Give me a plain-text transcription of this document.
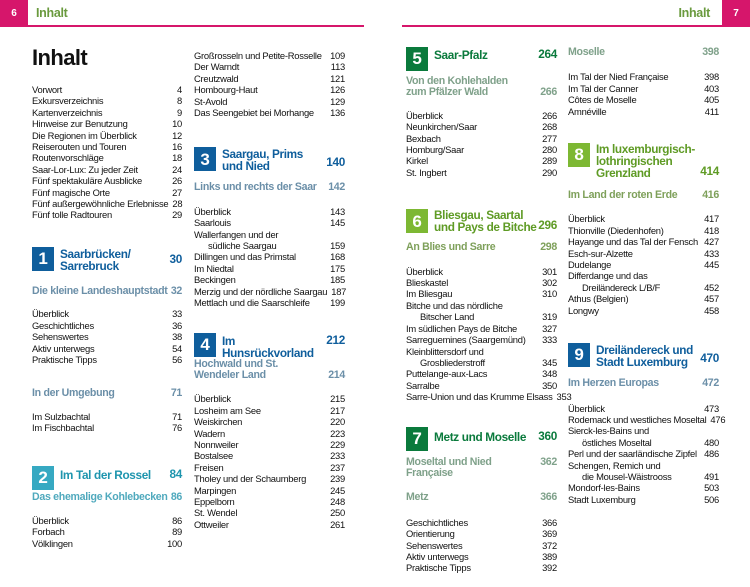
6	Inhalt	Inhalt	7
Inhalt
Vorwort	4
Exkursverzeichnis	8
Kartenverzeichnis	9
Hinweise zur Benutzung	10
Die Regionen im Überblick	12
Reiserouten und Touren	16
Routenvorschläge	18
Saar-Lor-Lux: Zu jeder Zeit	24
Fünf spektakuläre Ausblicke	26
Fünf magische Orte	27
Fünf außergewöhnliche Erlebnisse 28
Fünf tolle Radtouren	29
1	Saarbrücken/ Sarrebruck	30
Die kleine Landeshauptstadt 32
Überblick	33
Geschichtliches	36
Sehenswertes	38
Aktiv unterwegs	54
Praktische Tipps	56
In der Umgebung	71
Im Sulzbachtal	71
Im Fischbachtal	76
2	Im Tal der Rossel	84
Das ehemalige Kohlebecken 86
Überblick	86
Forbach	89
Völklingen	100
Großrosseln und Petite-Rosselle 109
Der Warndt	113
Creutzwald	121
Hombourg-Haut	126
St-Avold	129
Das Seengebiet bei Morhange 136
3	Saargau, Prims und Nied	140
Links und rechts der Saar 142
Überblick	143
Saarlouis	145
Wallerfangen und der
südliche Saargau	159
Dillingen und das Primstal	168
Im Niedtal	175
Beckingen	185
Merzig und der nördliche Saargau 187
Mettlach und die Saarschleife 199
4	Im Hunsrückvorland
212
Hochwald und St. Wendeler Land	214
Überblick	215
Losheim am See	217
Weiskirchen	220
Wadern	223
Nonnweiler	229
Bostalsee	233
Freisen	237
Tholey und der Schaumberg	239
Marpingen	245
Eppelborn	248
St. Wendel	250
Ottweiler	261
5	Saar-Pfalz	264
Von den Kohlehalden zum Pfälzer Wald	266
Überblick	266
Neunkirchen/Saar	268
Bexbach	277
Homburg/Saar	280
Kirkel	289
St. Ingbert	290
6	Bliesgau, Saartal und Pays de Bitche 296
An Blies und Sarre	298
Überblick	301
Blieskastel	302
Im Bliesgau	310
Bitche und das nördliche
Bitscher Land	319
Im südlichen Pays de Bitche	327
Sarreguemines (Saargemünd) 333
Kleinblittersdorf und
Grosbliederstroff	345
Puttelange-aux-Lacs	348
Sarralbe	350
Sarre-Union und das Krumme Elsass 353
7	Metz und Moselle	360
Moseltal und Nied Française
362
Metz	366
Geschichtliches	366
Orientierung	369
Sehenswertes	372
Aktiv unterwegs	389
Praktische Tipps	392
Moselle	398
Im Tal der Nied Française	398
Im Tal der Canner	403
Côtes de Moselle	405
Amnéville	411
8	Im luxemburgisch-lothringischen Grenzland	414
Im Land der roten Erde 416
Überblick	417
Thionville (Diedenhofen)	418
Hayange und das Tal der Fensch 427
Esch-sur-Alzette	433
Dudelange	445
Differdange und das
Dreiländereck L/B/F	452
Athus (Belgien)	457
Longwy	458
9	Dreiländereck und Stadt Luxemburg	470
Im Herzen Europas	472
Überblick	473
Rodemack und westliches Moseltal 476
Sierck-les-Bains und
östliches Moseltal	480
Perl und der saarländische Zipfel 486
Schengen, Remich und
die Mousel-Wäistrooss	491
Mondorf-les-Bains	503
Stadt Luxemburg	506
